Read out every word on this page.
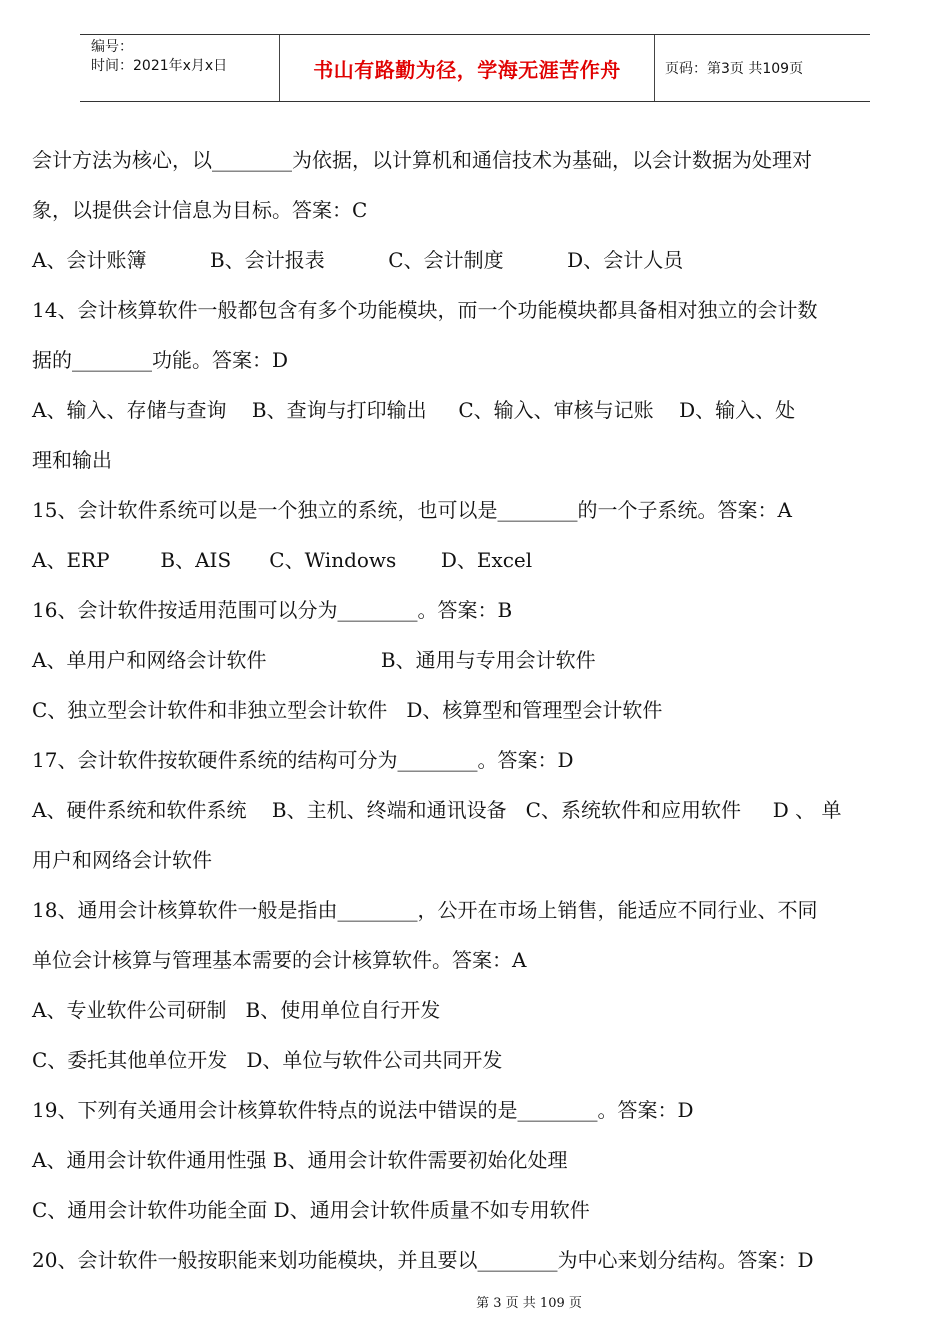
编号：
时间：2021年x月x日	书山有路勤为径，学海无涯苦作舟	页码：第3页 共109页
会计方法为核心，以________为依据，以计算机和通信技术为基础，以会计数据为处理对
象，以提供会计信息为目标。答案：C
A、会计账簿          B、会计报表          C、会计制度          D、会计人员
14、会计核算软件一般都包含有多个功能模块，而一个功能模块都具备相对独立的会计数
据的________功能。答案：D
A、输入、存储与查询    B、查询与打印输出     C、输入、审核与记账    D、输入、处
理和输出
15、会计软件系统可以是一个独立的系统，也可以是________的一个子系统。答案：A
A、ERP        B、AIS      C、Windows       D、Excel
16、会计软件按适用范围可以分为________。答案：B
A、单用户和网络会计软件                  B、通用与专用会计软件
C、独立型会计软件和非独立型会计软件   D、核算型和管理型会计软件
17、会计软件按软硬件系统的结构可分为________。答案：D
A、硬件系统和软件系统    B、主机、终端和通讯设备   C、系统软件和应用软件     D 、 单
用户和网络会计软件
18、通用会计核算软件一般是指由________，公开在市场上销售，能适应不同行业、不同
单位会计核算与管理基本需要的会计核算软件。答案：A
A、专业软件公司研制   B、使用单位自行开发
C、委托其他单位开发   D、单位与软件公司共同开发
19、下列有关通用会计核算软件特点的说法中错误的是________。答案：D
A、通用会计软件通用性强 B、通用会计软件需要初始化处理
C、通用会计软件功能全面 D、通用会计软件质量不如专用软件
20、会计软件一般按职能来划功能模块，并且要以________为中心来划分结构。答案：D
第 3 页 共 109 页
